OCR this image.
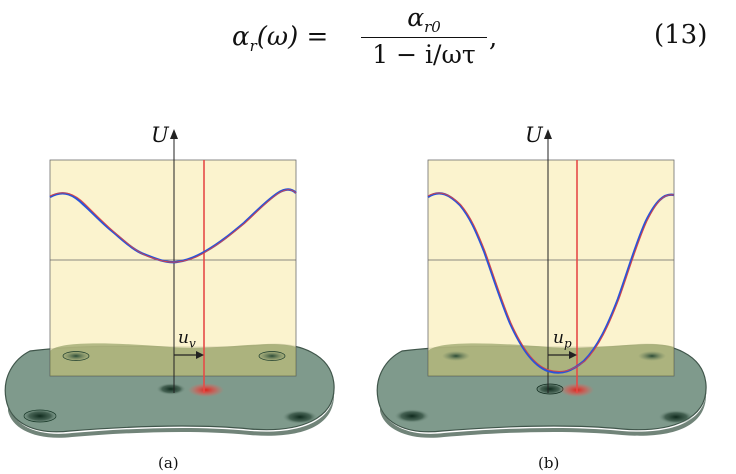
$\alpha_r(\omega)$ =
$\alpha_{r0}$
1 − i/ωτ
,	(13)
U
$u_v$
U
$u_p$
(a)	(b)
